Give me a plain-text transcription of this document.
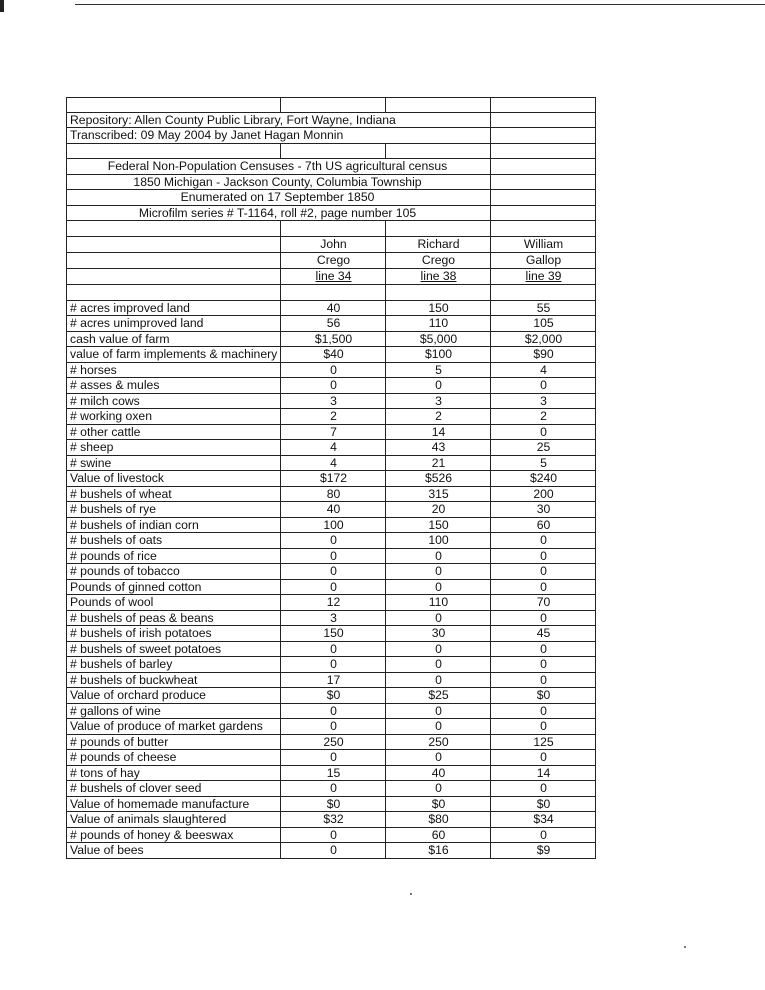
Repository: Allen County Public Library, Fort Wayne, Indiana
Transcribed: 09 May 2004 by Janet Hagan Monnin
Federal Non-Population Censuses - 7th US agricultural census
1850 Michigan - Jackson County, Columbia Township
Enumerated on 17 September 1850
Microfilm series # T-1164, roll #2, page number 105
John	Richard	William
Crego	Crego	Gallop
line 34	line 38	line 39
# acres improved land	40	150	55
# acres unimproved land	56	110	105
cash value of farm	$1,500	$5,000	$2,000
value of farm implements & machinery	$40	$100	$90
# horses	0	5	4
# asses & mules	0	0	0
# milch cows	3	3	3
# working oxen	2	2	2
# other cattle	7	14	0
# sheep	4	43	25
# swine	4	21	5
Value of livestock	$172	$526	$240
# bushels of wheat	80	315	200
# bushels of rye	40	20	30
# bushels of indian corn	100	150	60
# bushels of oats	0	100	0
# pounds of rice	0	0	0
# pounds of tobacco	0	0	0
Pounds of ginned cotton	0	0	0
Pounds of wool	12	110	70
# bushels of peas & beans	3	0	0
# bushels of irish potatoes	150	30	45
# bushels of sweet potatoes	0	0	0
# bushels of barley	0	0	0
# bushels of buckwheat	17	0	0
Value of orchard produce	$0	$25	$0
# gallons of wine	0	0	0
Value of produce of market gardens	0	0	0
# pounds of butter	250	250	125
# pounds of cheese	0	0	0
# tons of hay	15	40	14
# bushels of clover seed	0	0	0
Value of homemade manufacture	$0	$0	$0
Value of animals slaughtered	$32	$80	$34
# pounds of honey & beeswax	0	60	0
Value of bees	0	$16	$9
